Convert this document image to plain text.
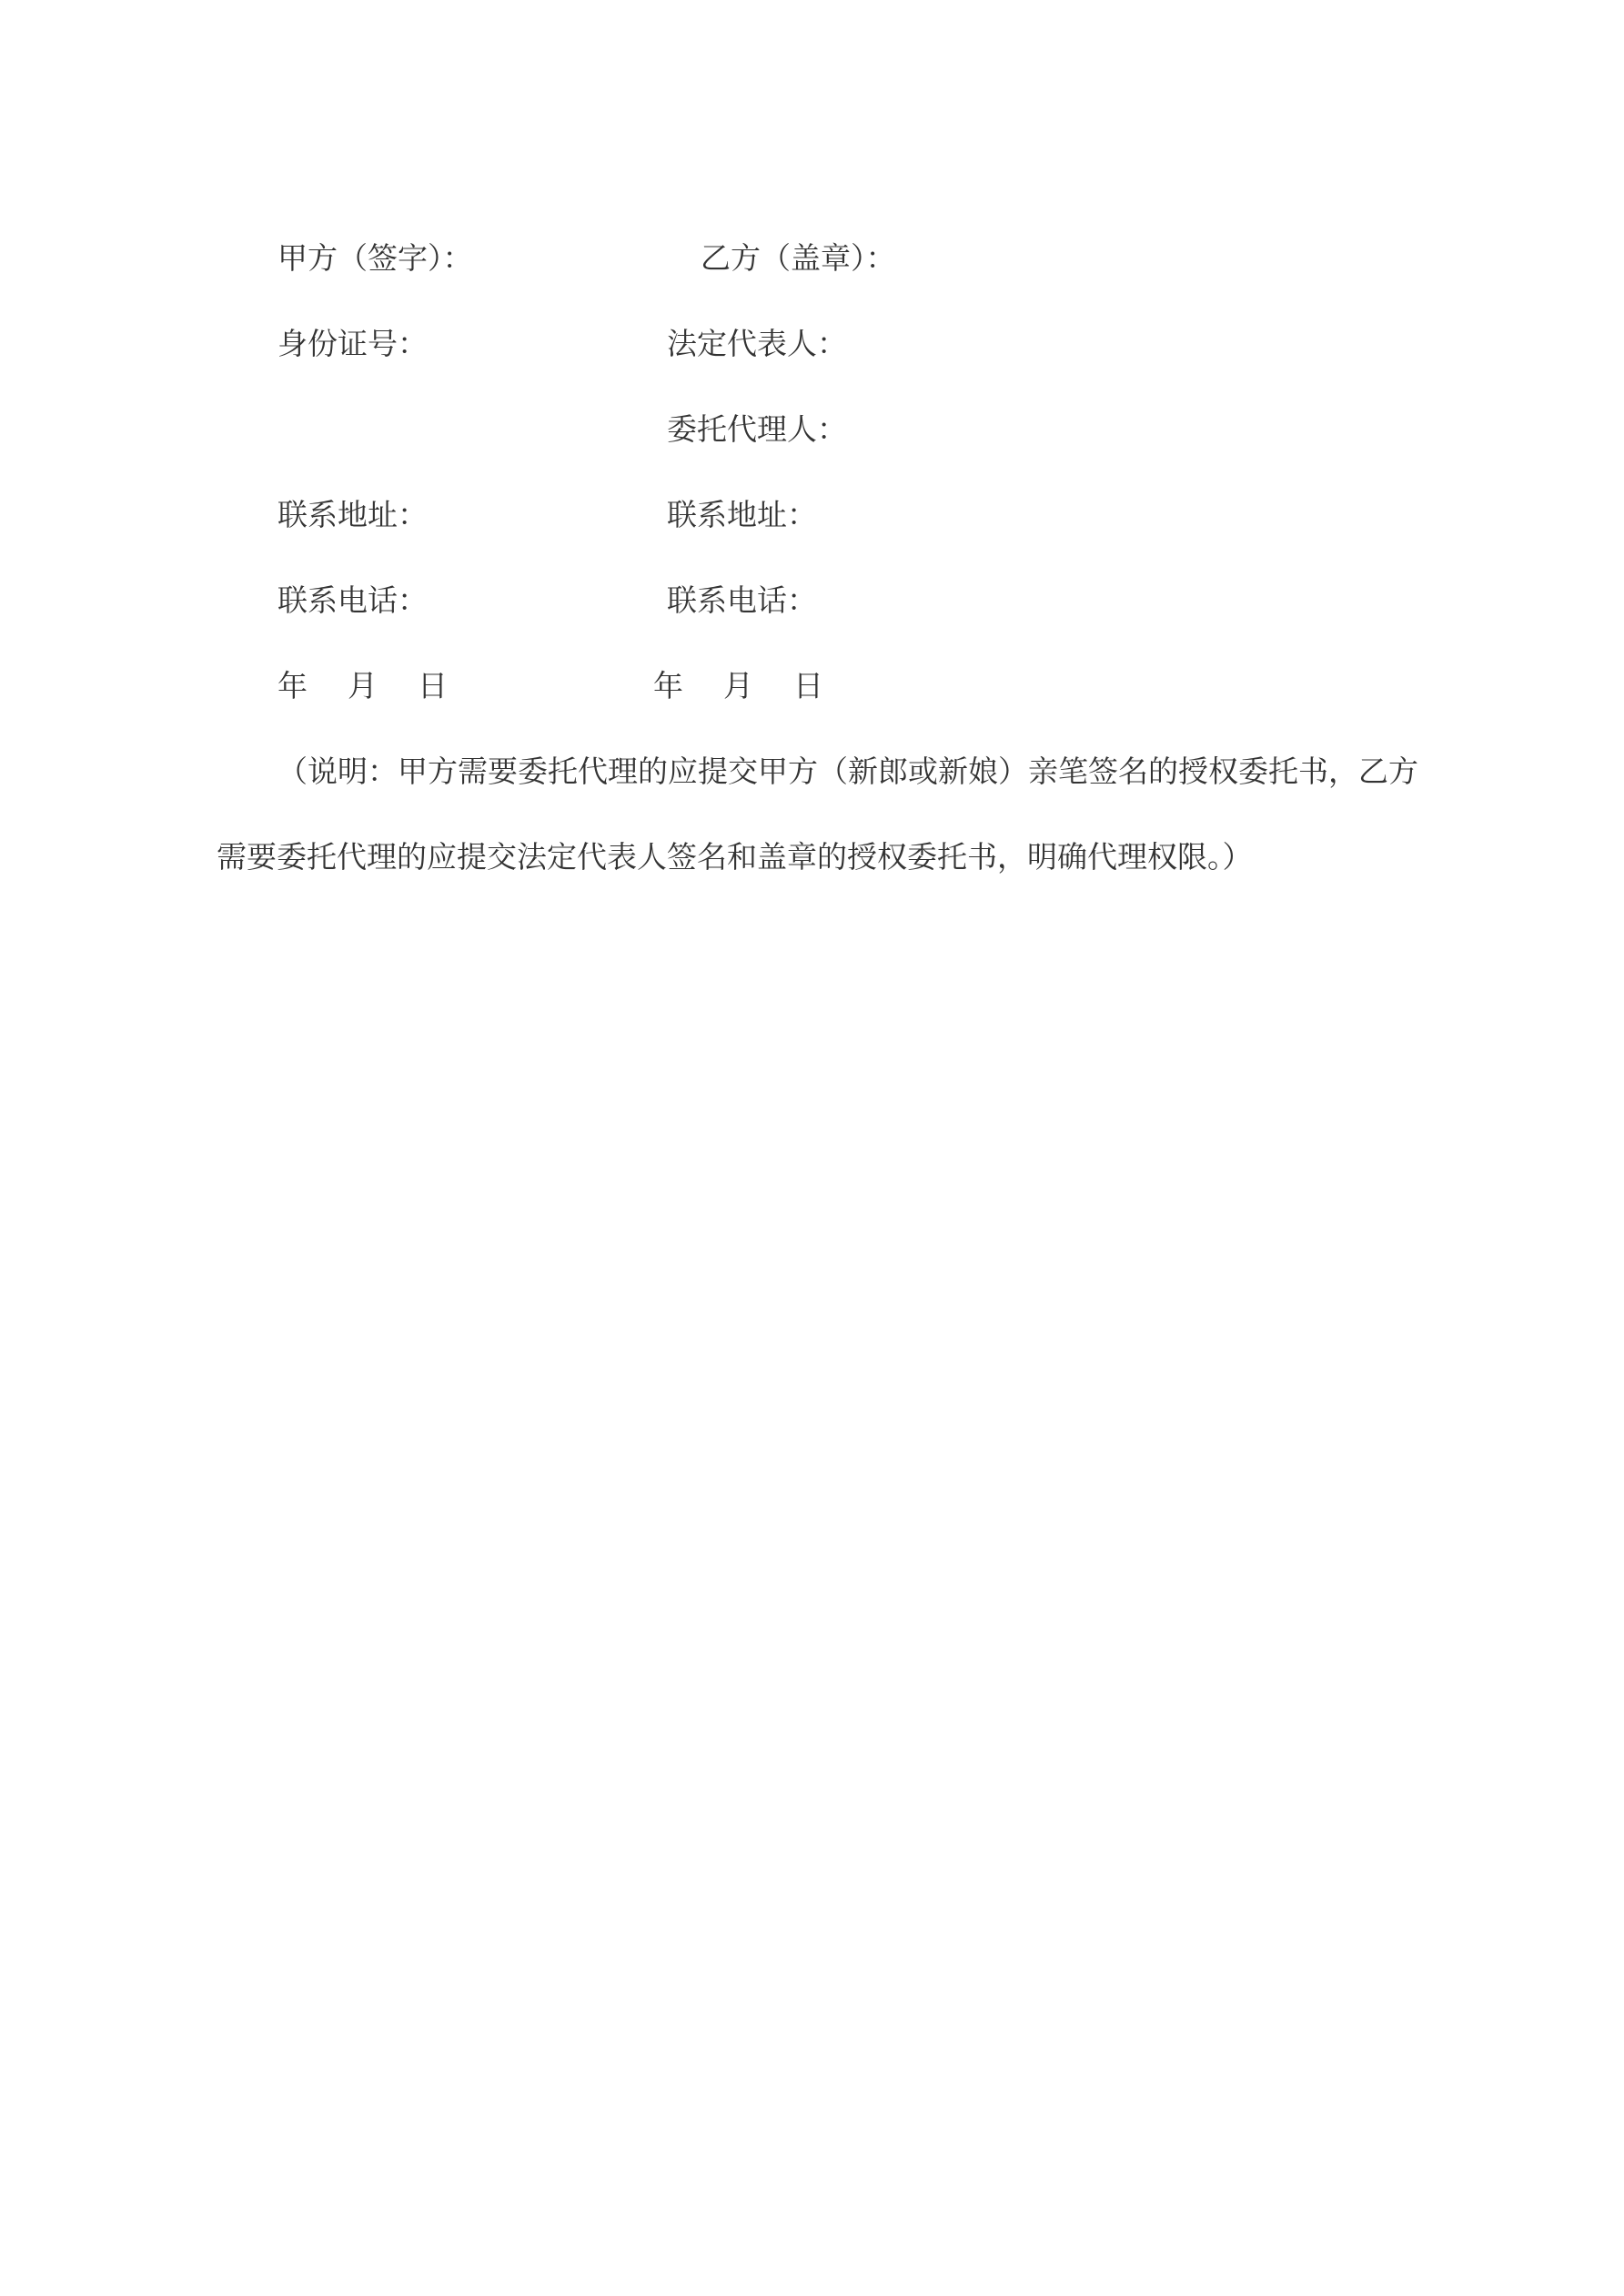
甲方（签字）：
身份证号：
联系地址：
联系电话：
年 月 日
乙方（盖章）：
法定代表人：
委托代理人：
联系地址：
联系电话：
年 月 日
（说明：甲方需要委托代理的应提交甲方（新郎或新娘）亲笔签名的授权委托书，乙方
需要委托代理的应提交法定代表人签名和盖章的授权委托书，明确代理权限。）
